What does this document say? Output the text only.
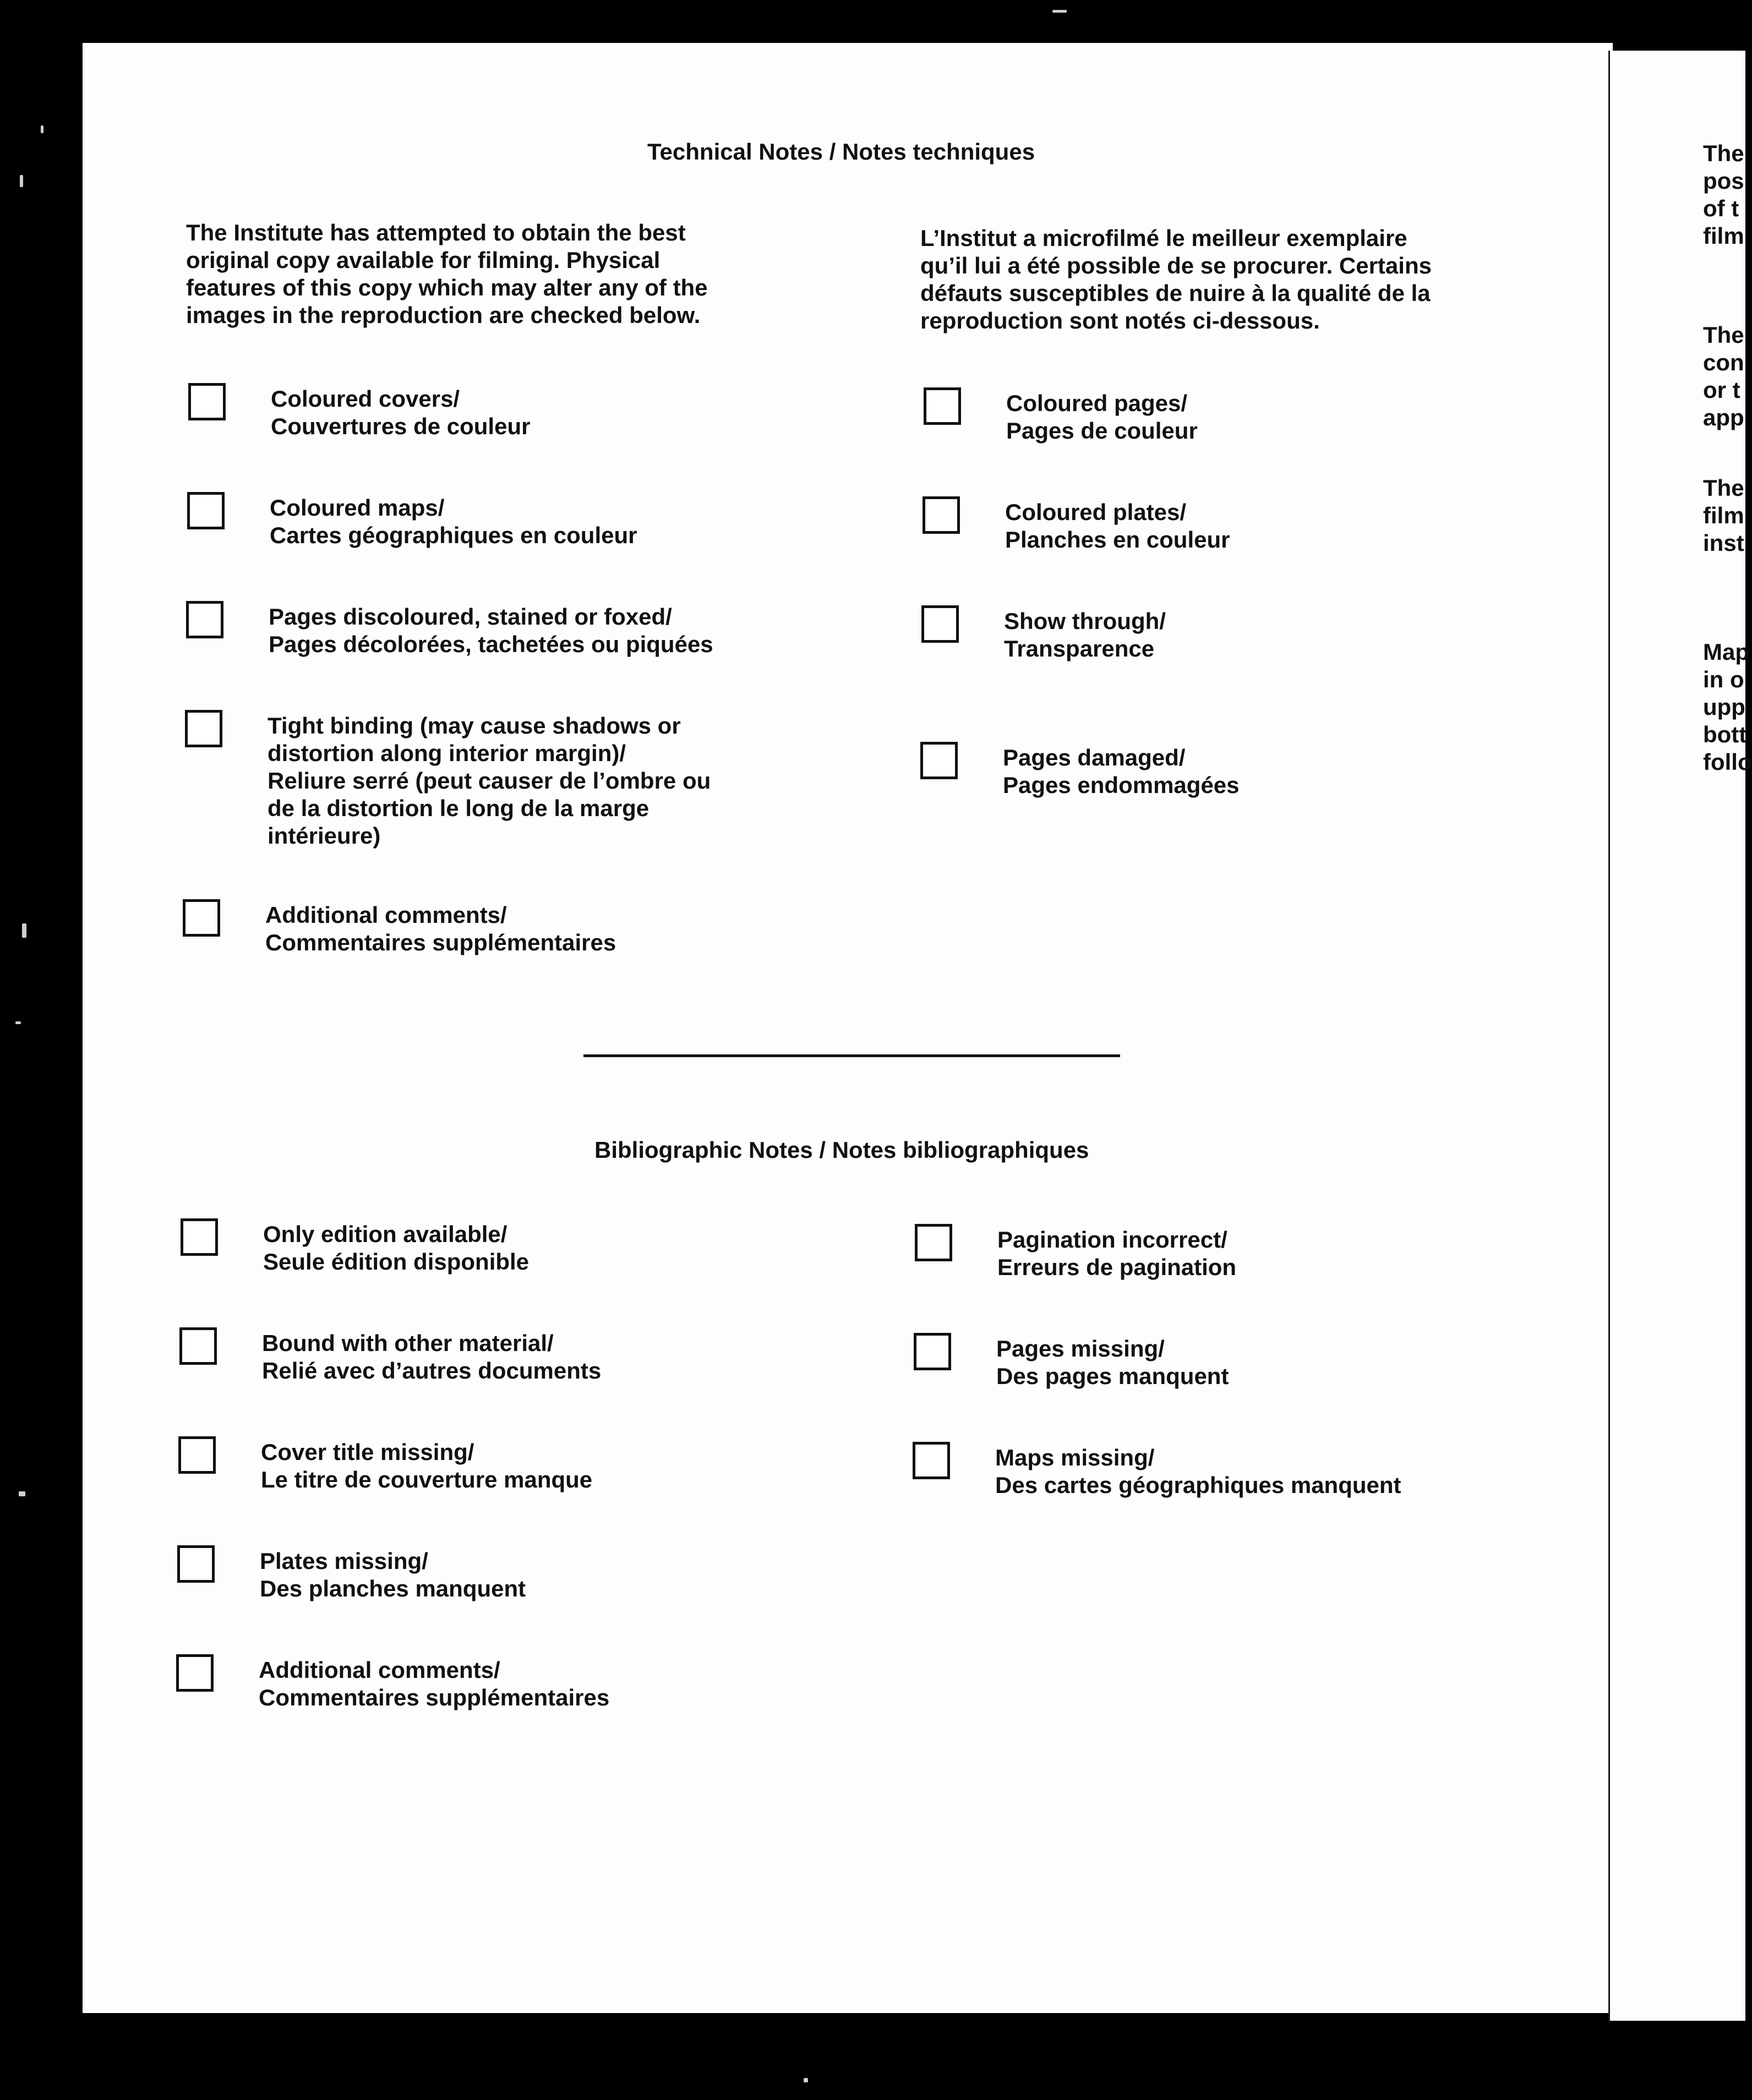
Technical Notes / Notes techniques
The Institute has attempted to obtain the best
original copy available for filming. Physical
features of this copy which may alter any of the
images in the reproduction are checked below.
L’Institut a microfilmé le meilleur exemplaire
qu’il lui a été possible de se procurer. Certains
défauts susceptibles de nuire à la qualité de la
reproduction sont notés ci-dessous.
Coloured covers/
Couvertures de couleur
Coloured maps/
Cartes géographiques en couleur
Pages discoloured, stained or foxed/
Pages décolorées, tachetées ou piquées
Tight binding (may cause shadows or
distortion along interior margin)/
Reliure serré (peut causer de l’ombre ou
de la distortion le long de la marge
intérieure)
Additional comments/
Commentaires supplémentaires
Coloured pages/
Pages de couleur
Coloured plates/
Planches en couleur
Show through/
Transparence
Pages damaged/
Pages endommagées
Bibliographic Notes / Notes bibliographiques
Only edition available/
Seule édition disponible
Bound with other material/
Relié avec d’autres documents
Cover title missing/
Le titre de couverture manque
Plates missing/
Des planches manquent
Additional comments/
Commentaires supplémentaires
Pagination incorrect/
Erreurs de pagination
Pages missing/
Des pages manquent
Maps missing/
Des cartes géographiques manquent
The
pos
of t
film
The
con
or t
app
The
film
inst
Map
in o
upp
bott
follo
